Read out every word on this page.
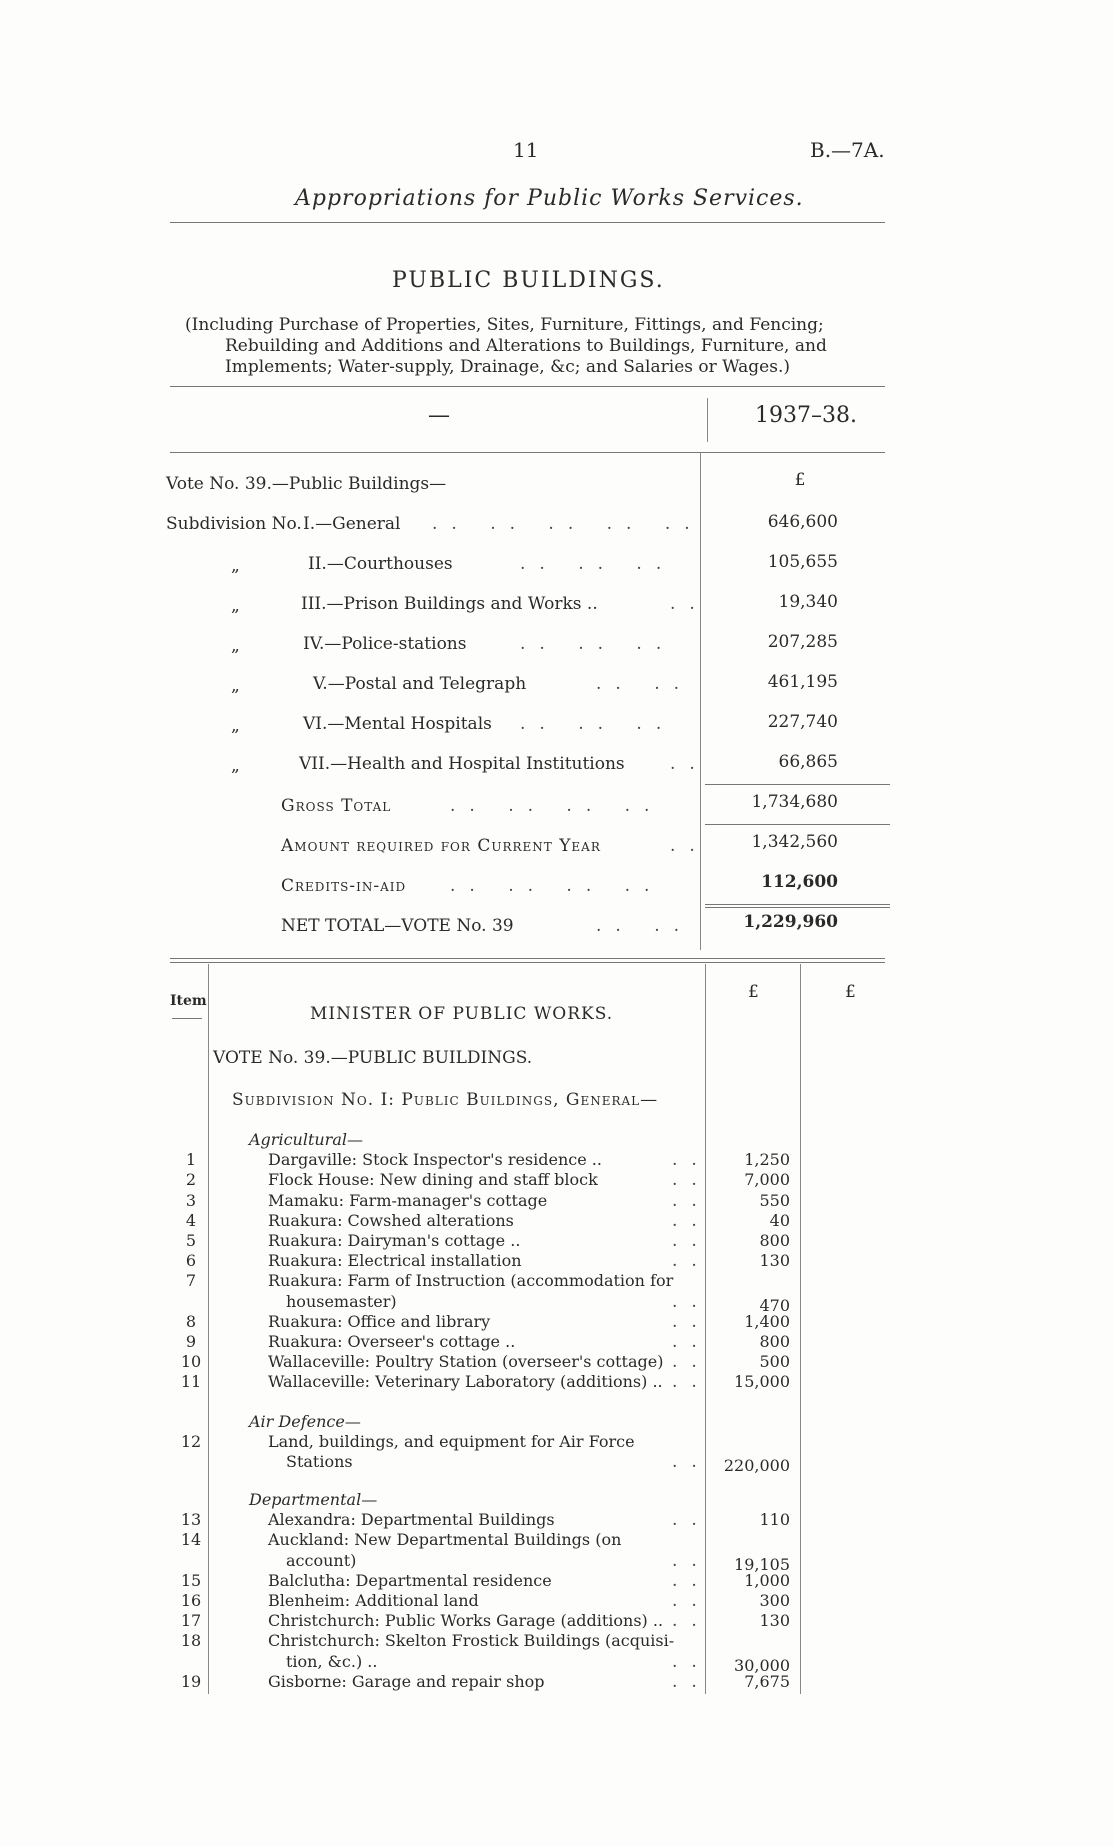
11	B.—7A.
Appropriations for Public Works Services.
PUBLIC BUILDINGS.
(Including Purchase of Properties, Sites, Furniture, Fittings, and Fencing;
Rebuilding and Additions and Alterations to Buildings, Furniture, and
Implements; Water-supply, Drainage, &c; and Salaries or Wages.)
—	1937–38.
Vote No. 39.—Public Buildings—	£
Subdivision No. I.—General .. .. .. .. ..	646,600
„	II.—Courthouses	.. .. ..	105,655
„	III.—Prison Buildings and Works ..	..	19,340
„	IV.—Police-stations	.. .. ..	207,285
„	V.—Postal and Telegraph	.. ..	461,195
„	VI.—Mental Hospitals .. .. ..	227,740
„	VII.—Health and Hospital Institutions	..	66,865
Gross Total	.. .. .. ..	1,734,680
Amount required for Current Year	..	1,342,560
Credits-in-aid	.. .. .. ..	112,600
NET TOTAL—VOTE No. 39	.. ..	1,229,960
Item	£	£
MINISTER OF PUBLIC WORKS.
VOTE No. 39.—PUBLIC BUILDINGS.
Subdivision No. I: Public Buildings, General—
Agricultural—
1	Dargaville: Stock Inspector's residence ..	..	1,250
2	Flock House: New dining and staff block	..	7,000
3	Mamaku: Farm-manager's cottage	..	550
4	Ruakura: Cowshed alterations	..	40
5	Ruakura: Dairyman's cottage ..	..	800
6	Ruakura: Electrical installation	..	130
7	Ruakura: Farm of Instruction (accommodation for
housemaster)	..	470
8	Ruakura: Office and library	..	1,400
9	Ruakura: Overseer's cottage ..	..	800
10	Wallaceville: Poultry Station (overseer's cottage) ..	500
11	Wallaceville: Veterinary Laboratory (additions) .. ..	15,000
Air Defence—
12	Land, buildings, and equipment for Air Force
Stations	.. 220,000
Departmental—
13	Alexandra: Departmental Buildings	..	110
14	Auckland: New Departmental Buildings (on
account)	..	19,105
15	Balclutha: Departmental residence	..	1,000
16	Blenheim: Additional land	..	300
17	Christchurch: Public Works Garage (additions) .. ..	130
18	Christchurch: Skelton Frostick Buildings (acquisi-
tion, &c.) ..	..	30,000
19	Gisborne: Garage and repair shop	..	7,675
